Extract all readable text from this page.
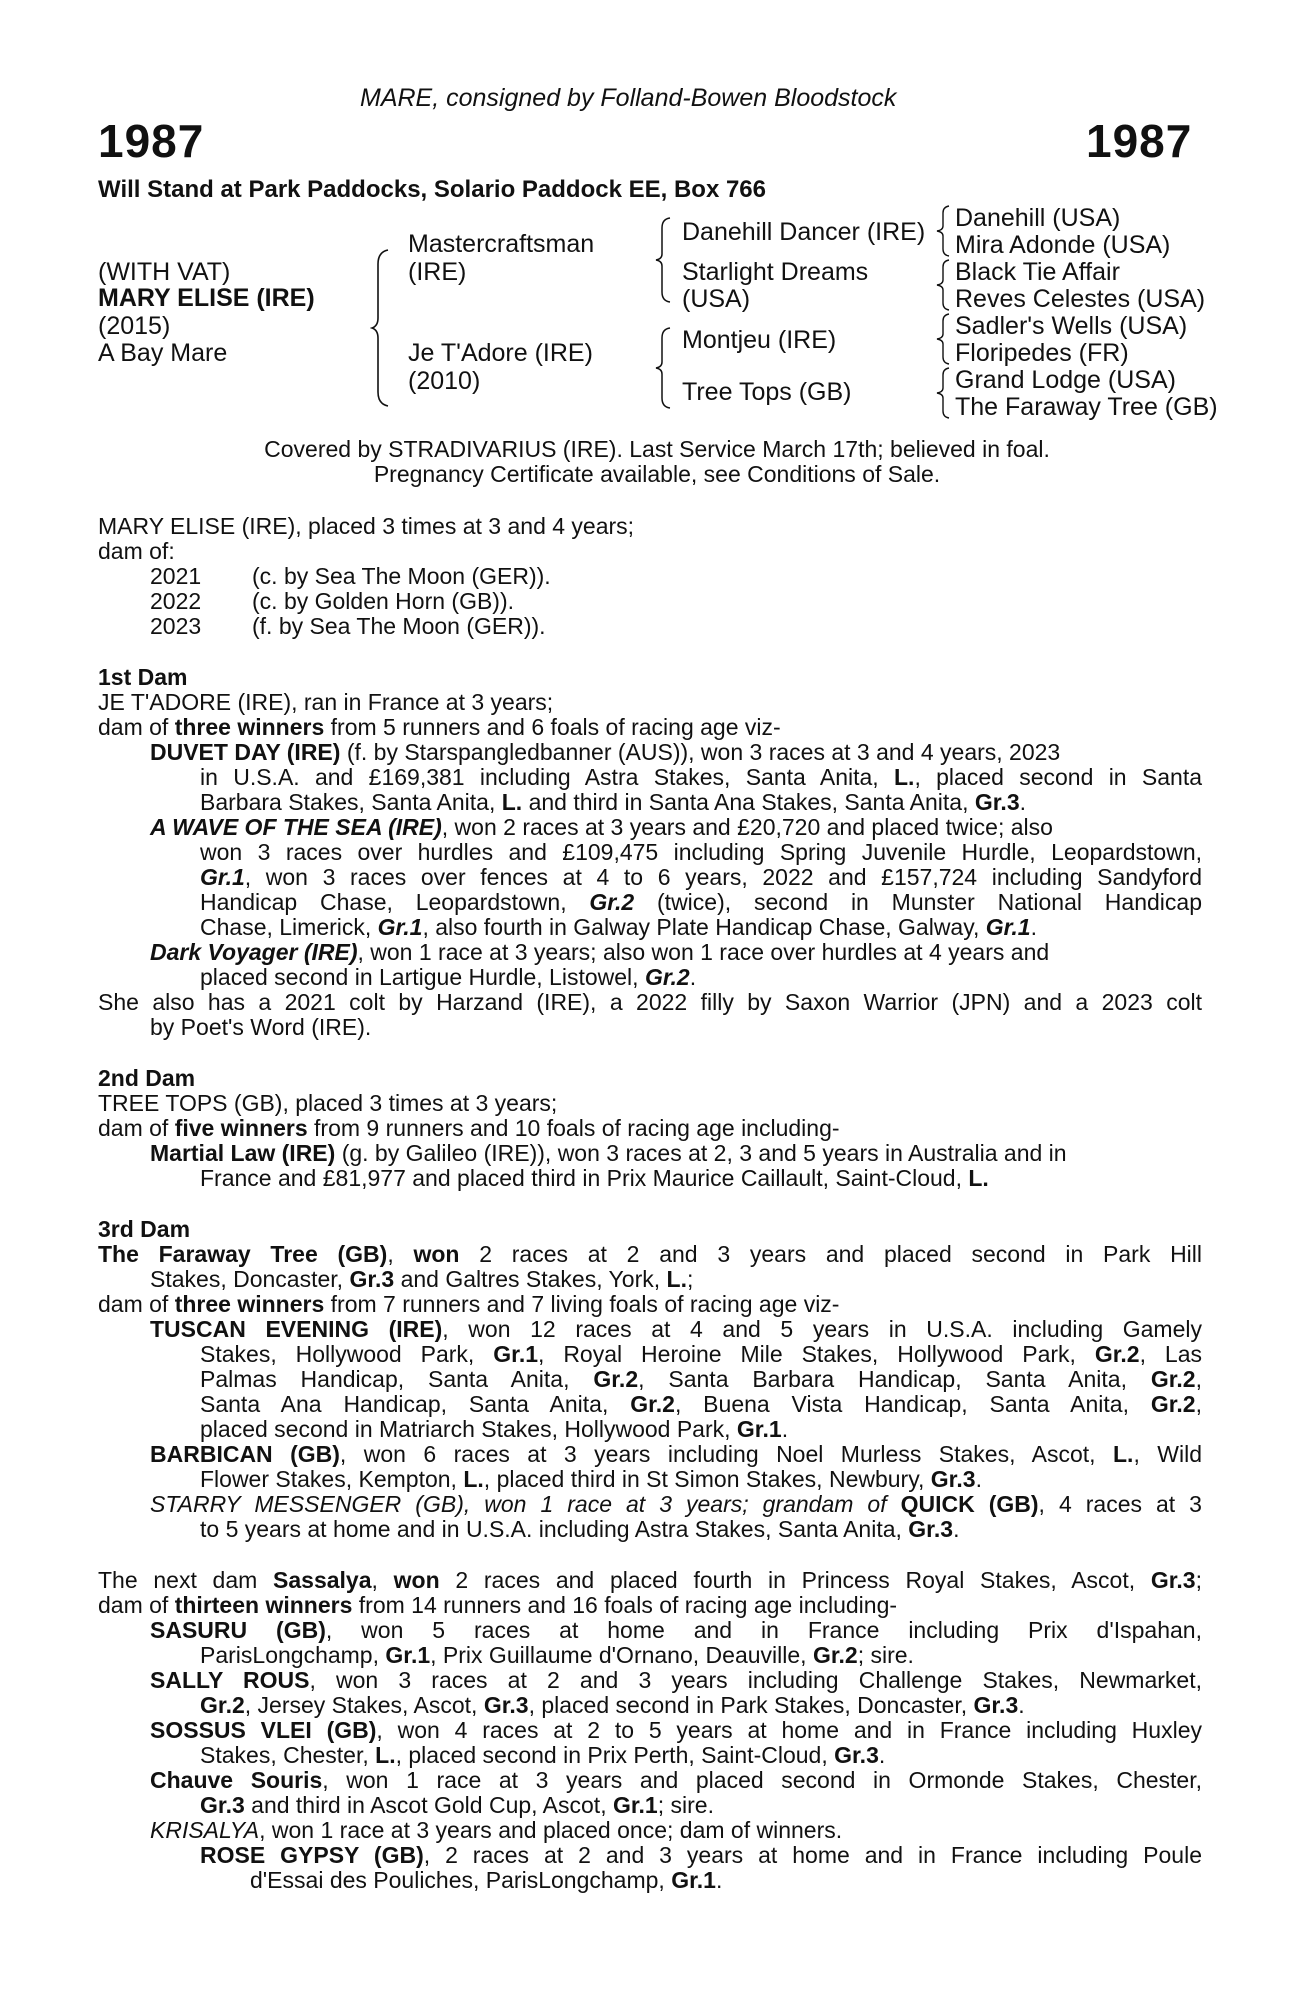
MARE, consigned by Folland-Bowen Bloodstock
1987	1987
Will Stand at Park Paddocks, Solario Paddock EE, Box 766
(WITH VAT)
MARY ELISE (IRE)
(2015)
A Bay Mare
Mastercraftsman
(IRE)
Je T'Adore (IRE)
(2010)
Danehill Dancer (IRE)
Starlight Dreams
(USA)
Montjeu (IRE)
Tree Tops (GB)
Danehill (USA)
Mira Adonde (USA)
Black Tie Affair
Reves Celestes (USA)
Sadler's Wells (USA)
Floripedes (FR)
Grand Lodge (USA)
The Faraway Tree (GB)
Covered by STRADIVARIUS (IRE). Last Service March 17th; believed in foal.
Pregnancy Certificate available, see Conditions of Sale.
MARY ELISE (IRE), placed 3 times at 3 and 4 years;
dam of:
2021 (c. by Sea The Moon (GER)).
2022 (c. by Golden Horn (GB)).
2023 (f. by Sea The Moon (GER)).
1st Dam
JE T'ADORE (IRE), ran in France at 3 years;
dam of three winners from 5 runners and 6 foals of racing age viz-
DUVET DAY (IRE) (f. by Starspangledbanner (AUS)), won 3 races at 3 and 4 years, 2023
in U.S.A. and £169,381 including Astra Stakes, Santa Anita, L., placed second in Santa
Barbara Stakes, Santa Anita, L. and third in Santa Ana Stakes, Santa Anita, Gr.3.
A WAVE OF THE SEA (IRE), won 2 races at 3 years and £20,720 and placed twice; also
won 3 races over hurdles and £109,475 including Spring Juvenile Hurdle, Leopardstown,
Gr.1, won 3 races over fences at 4 to 6 years, 2022 and £157,724 including Sandyford
Handicap Chase, Leopardstown, Gr.2 (twice), second in Munster National Handicap
Chase, Limerick, Gr.1, also fourth in Galway Plate Handicap Chase, Galway, Gr.1.
Dark Voyager (IRE), won 1 race at 3 years; also won 1 race over hurdles at 4 years and
placed second in Lartigue Hurdle, Listowel, Gr.2.
She also has a 2021 colt by Harzand (IRE), a 2022 filly by Saxon Warrior (JPN) and a 2023 colt
by Poet's Word (IRE).
2nd Dam
TREE TOPS (GB), placed 3 times at 3 years;
dam of five winners from 9 runners and 10 foals of racing age including-
Martial Law (IRE) (g. by Galileo (IRE)), won 3 races at 2, 3 and 5 years in Australia and in
France and £81,977 and placed third in Prix Maurice Caillault, Saint-Cloud, L.
3rd Dam
The Faraway Tree (GB), won 2 races at 2 and 3 years and placed second in Park Hill
Stakes, Doncaster, Gr.3 and Galtres Stakes, York, L.;
dam of three winners from 7 runners and 7 living foals of racing age viz-
TUSCAN EVENING (IRE), won 12 races at 4 and 5 years in U.S.A. including Gamely
Stakes, Hollywood Park, Gr.1, Royal Heroine Mile Stakes, Hollywood Park, Gr.2, Las
Palmas Handicap, Santa Anita, Gr.2, Santa Barbara Handicap, Santa Anita, Gr.2,
Santa Ana Handicap, Santa Anita, Gr.2, Buena Vista Handicap, Santa Anita, Gr.2,
placed second in Matriarch Stakes, Hollywood Park, Gr.1.
BARBICAN (GB), won 6 races at 3 years including Noel Murless Stakes, Ascot, L., Wild
Flower Stakes, Kempton, L., placed third in St Simon Stakes, Newbury, Gr.3.
STARRY MESSENGER (GB), won 1 race at 3 years; grandam of QUICK (GB), 4 races at 3
to 5 years at home and in U.S.A. including Astra Stakes, Santa Anita, Gr.3.
The next dam Sassalya, won 2 races and placed fourth in Princess Royal Stakes, Ascot, Gr.3;
dam of thirteen winners from 14 runners and 16 foals of racing age including-
SASURU (GB), won 5 races at home and in France including Prix d'Ispahan,
ParisLongchamp, Gr.1, Prix Guillaume d'Ornano, Deauville, Gr.2; sire.
SALLY ROUS, won 3 races at 2 and 3 years including Challenge Stakes, Newmarket,
Gr.2, Jersey Stakes, Ascot, Gr.3, placed second in Park Stakes, Doncaster, Gr.3.
SOSSUS VLEI (GB), won 4 races at 2 to 5 years at home and in France including Huxley
Stakes, Chester, L., placed second in Prix Perth, Saint-Cloud, Gr.3.
Chauve Souris, won 1 race at 3 years and placed second in Ormonde Stakes, Chester,
Gr.3 and third in Ascot Gold Cup, Ascot, Gr.1; sire.
KRISALYA, won 1 race at 3 years and placed once; dam of winners.
ROSE GYPSY (GB), 2 races at 2 and 3 years at home and in France including Poule
d'Essai des Pouliches, ParisLongchamp, Gr.1.
